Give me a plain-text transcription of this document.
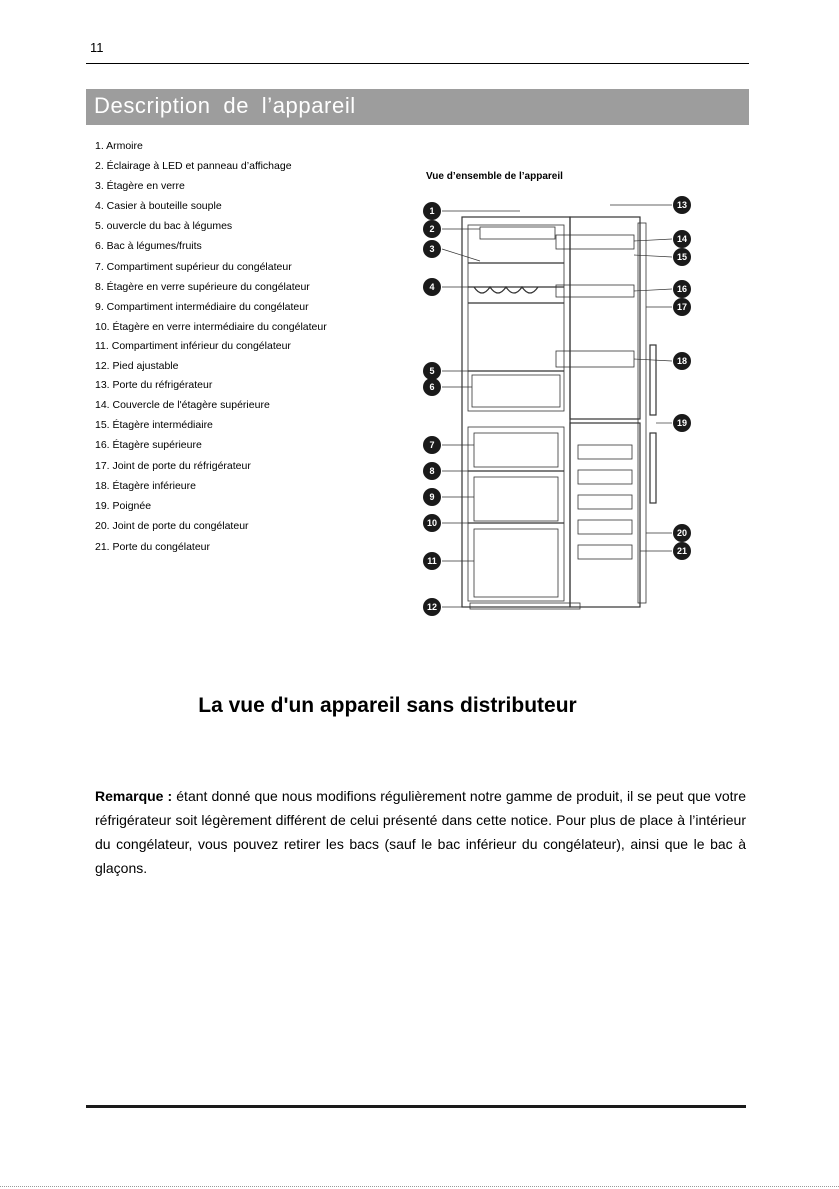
11
Description de l’appareil
1. Armoire
2. Éclairage à LED et panneau d’affichage
3. Étagère en verre
4. Casier à bouteille souple
5. ouvercle du bac à légumes
6. Bac à légumes/fruits
7. Compartiment supérieur du congélateur
8. Étagère en verre supérieure du congélateur
9. Compartiment intermédiaire du congélateur
10. Étagère en verre intermédiaire du congélateur
11. Compartiment inférieur du congélateur
12. Pied ajustable
13. Porte du réfrigérateur
14. Couvercle de l'étagère supérieure
15. Étagère intermédiaire
16. Étagère supérieure
17. Joint de porte du réfrigérateur
18. Étagère inférieure
19. Poignée
20. Joint de porte du congélateur
21. Porte du congélateur
Vue d’ensemble de l’appareil
1
2
3
4
5
6
7
8
9
10
11
12
13
14
15
16
17
18
19
20
21
La vue d'un appareil sans distributeur

Remarque : étant donné que nous modifions régulièrement notre gamme de produit, il se peut que votre réfrigérateur soit légèrement différent de celui présenté dans cette notice. Pour plus de place à l’intérieur du congélateur, vous pouvez retirer les bacs (sauf le bac inférieur du congélateur), ainsi que le bac à glaçons.
